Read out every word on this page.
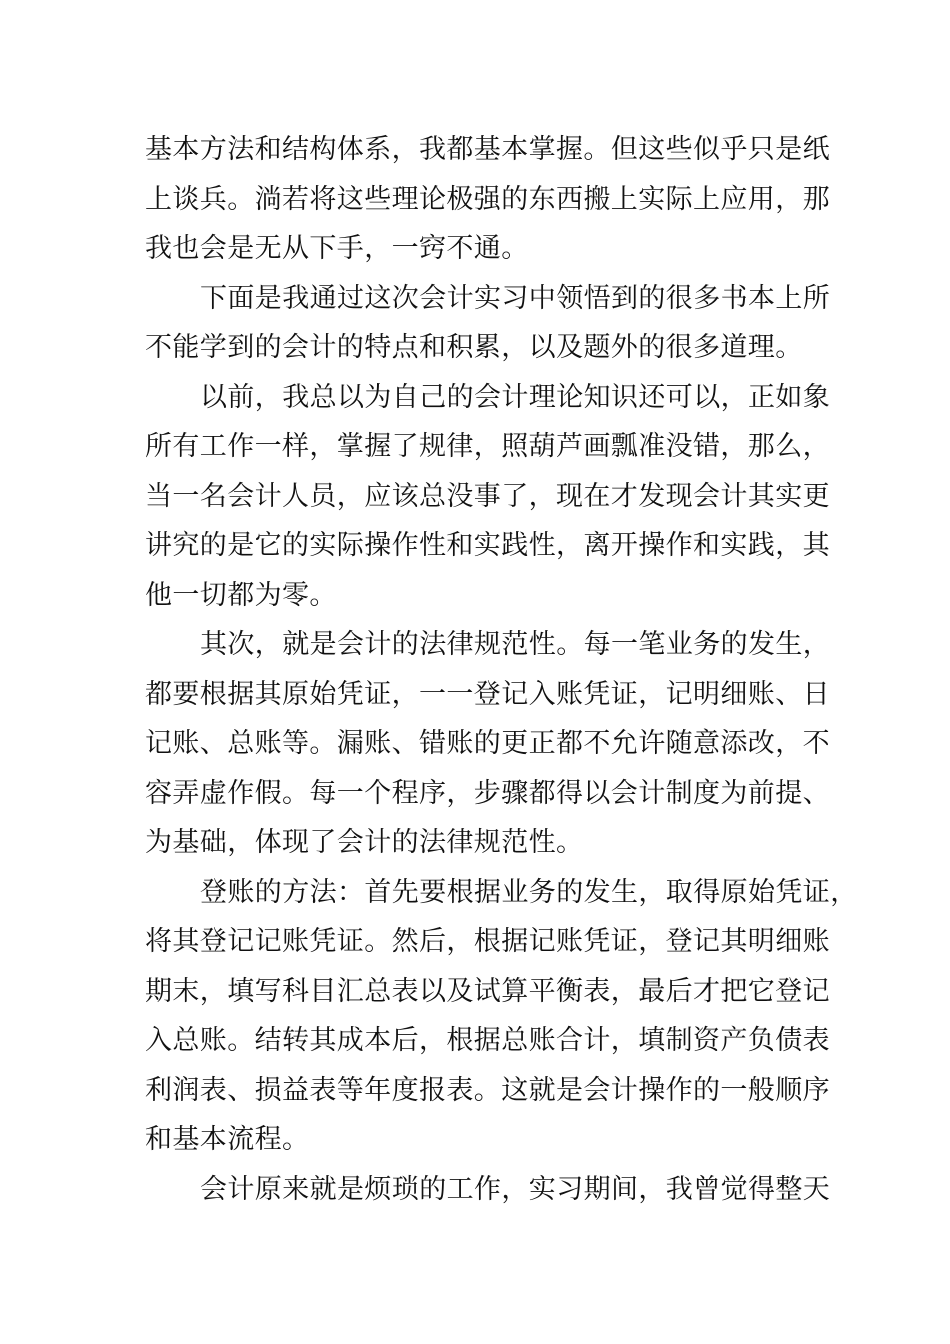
基本方法和结构体系，我都基本掌握。但这些似乎只是纸
上谈兵。淌若将这些理论极强的东西搬上实际上应用，那
我也会是无从下手，一窍不通。
下面是我通过这次会计实习中领悟到的很多书本上所
不能学到的会计的特点和积累，以及题外的很多道理。
以前，我总以为自己的会计理论知识还可以，正如象
所有工作一样，掌握了规律，照葫芦画瓢准没错，那么，
当一名会计人员，应该总没事了，现在才发现会计其实更
讲究的是它的实际操作性和实践性，离开操作和实践，其
他一切都为零。
其次，就是会计的法律规范性。每一笔业务的发生，
都要根据其原始凭证，一一登记入账凭证，记明细账、日
记账、总账等。漏账、错账的更正都不允许随意添改，不
容弄虚作假。每一个程序，步骤都得以会计制度为前提、
为基础，体现了会计的法律规范性。
登账的方法：首先要根据业务的发生，取得原始凭证，
将其登记记账凭证。然后，根据记账凭证，登记其明细账
期末，填写科目汇总表以及试算平衡表，最后才把它登记
入总账。结转其成本后，根据总账合计，填制资产负债表
利润表、损益表等年度报表。这就是会计操作的一般顺序
和基本流程。
会计原来就是烦琐的工作，实习期间，我曾觉得整天
